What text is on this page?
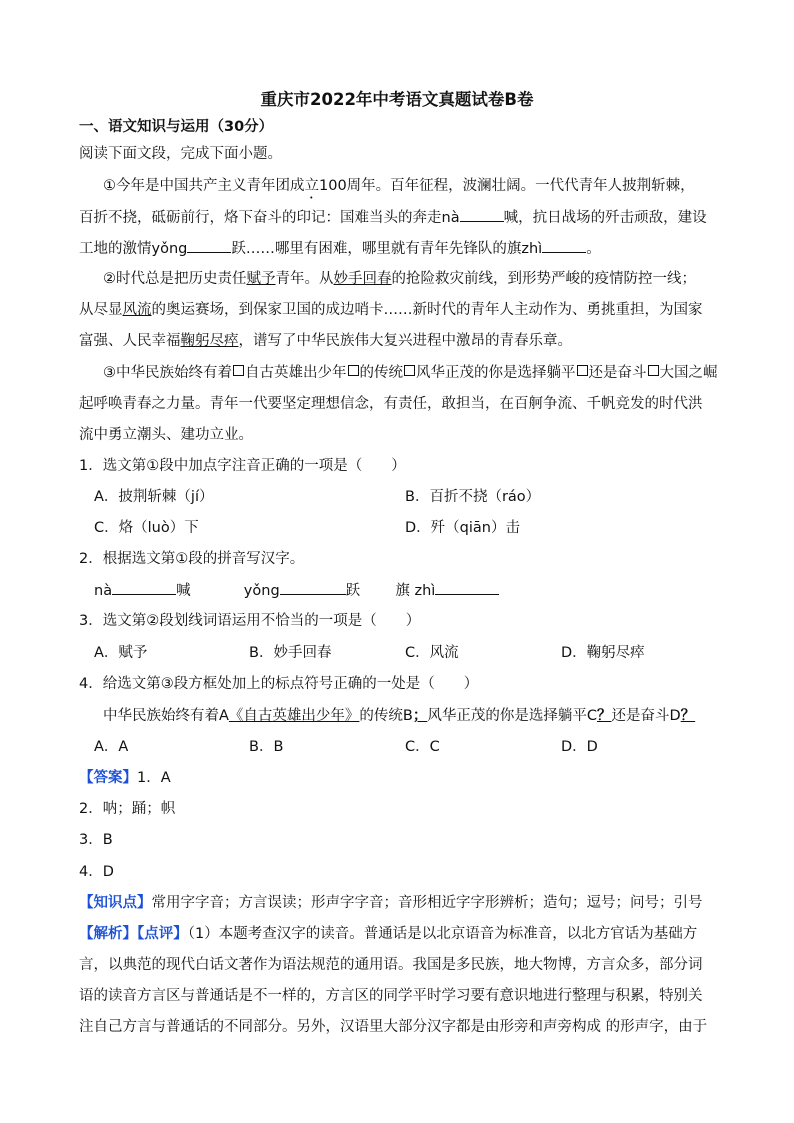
重庆市2022年中考语文真题试卷B卷
一、语文知识与运用（30分）
阅读下面文段，完成下面小题。
①今年是中国共产主义青年团成立100周年。百年征程，波澜壮阔。一代代青年人披荆斩棘，
百折不挠，砥砺前行，烙下奋斗的印记：国难当头的奔走nà	喊，抗日战场的歼击顽敌，建设
工地的激情yǒng	跃……哪里有困难，哪里就有青年先锋队的旗zhì	。
②时代总是把历史责任赋予青年。从妙手回春的抢险救灾前线，到形势严峻的疫情防控一线；
从尽显风流的奥运赛场，到保家卫国的成边哨卡……新时代的青年人主动作为、勇挑重担，为国家
富强、人民幸福鞠躬尽瘁，谱写了中华民族伟大复兴进程中激昂的青春乐章。
③中华民族始终有着 自古英雄出少年 的传统 风华正茂的你是选择躺平 还是奋斗 大国之崛
起呼唤青春之力量。青年一代要坚定理想信念，有责任，敢担当，在百舸争流、千帆竞发的时代洪
流中勇立潮头、建功立业。
1．选文第①段中加点字注音正确的一项是（　　）
A．披荆斩棘（jí）	B．百折不挠（ráo）
C．烙（luò）下	D．歼（qiān）击
2．根据选文第①段的拼音写汉字。
nà	喊	yǒng	跃 旗 zhì
3．选文第②段划线词语运用不恰当的一项是（　　）
A．赋予	B．妙手回春	C．风流	D．鞠躬尽瘁
4．给选文第③段方框处加上的标点符号正确的一处是（　　）
中华民族始终有着A《自古英雄出少年》的传统B；风华正茂的你是选择躺平C？还是奋斗D？
A．A	B．B	C．C	D．D
【答案】1．A
2．呐；踊；帜
3．B
4．D
【知识点】常用字字音；方言误读；形声字字音；音形相近字字形辨析；造句；逗号；问号；引号
【解析】【点评】（1）本题考查汉字的读音。普通话是以北京语音为标准音，以北方官话为基础方
言，以典范的现代白话文著作为语法规范的通用语。我国是多民族，地大物博，方言众多，部分词
语的读音方言区与普通话是不一样的，方言区的同学平时学习要有意识地进行整理与积累，特别关
注自己方言与普通话的不同部分。另外，汉语里大部分汉字都是由形旁和声旁构成 的形声字，由于
